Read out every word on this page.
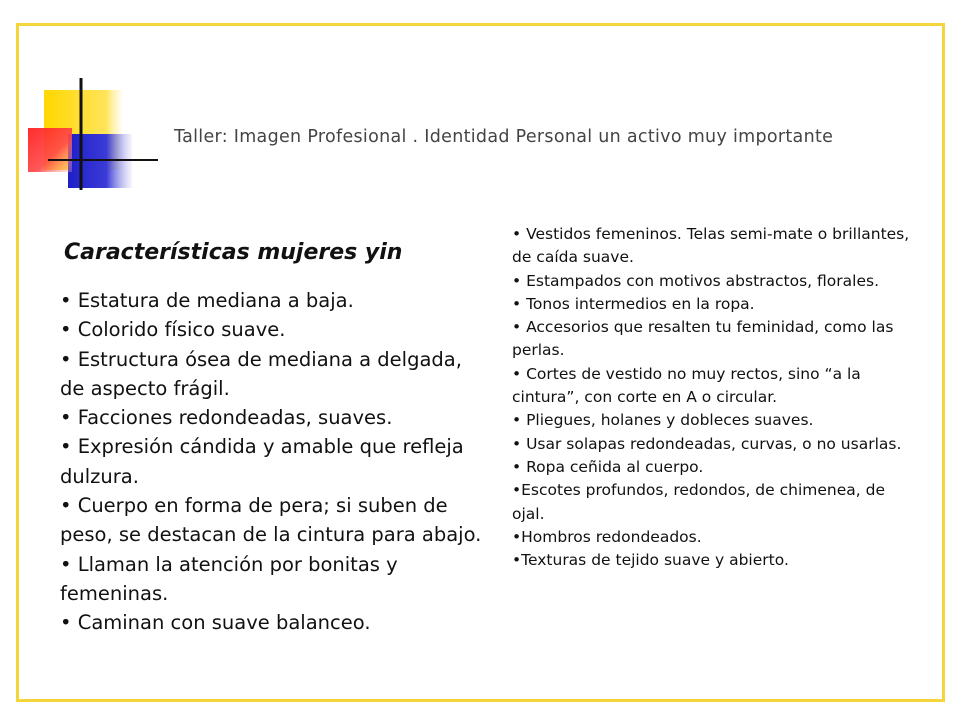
Taller: Imagen Profesional . Identidad Personal un activo muy importante
Características mujeres yin
• Estatura de mediana a baja.
• Colorido físico suave.
• Estructura ósea de mediana a delgada, de aspecto frágil.
• Facciones redondeadas, suaves.
• Expresión cándida y amable que refleja dulzura.
• Cuerpo en forma de pera; si suben de peso, se destacan de la cintura para abajo.
• Llaman la atención por bonitas y femeninas.
• Caminan con suave balanceo.
• Vestidos femeninos. Telas semi-mate o brillantes, de caída suave.
• Estampados con motivos abstractos, florales.
• Tonos intermedios en la ropa.
• Accesorios que resalten tu feminidad, como las perlas.
• Cortes de vestido no muy rectos, sino “a la cintura”, con corte en A o circular.
• Pliegues, holanes y dobleces suaves.
• Usar solapas redondeadas, curvas, o no usarlas.
• Ropa ceñida al cuerpo.
•Escotes profundos, redondos, de chimenea, de ojal.
•Hombros redondeados.
•Texturas de tejido suave y abierto.
